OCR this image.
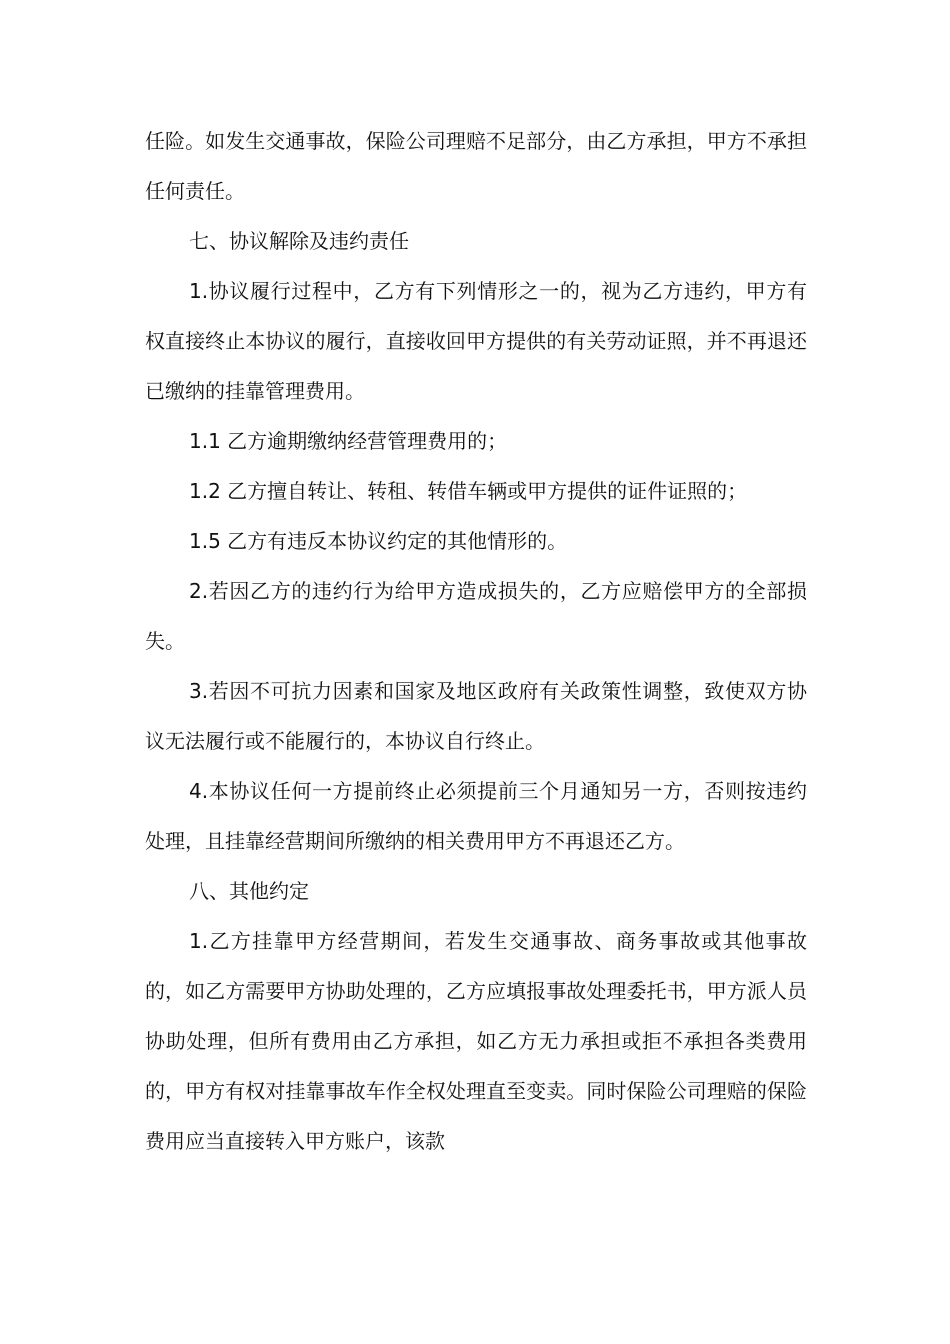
任险。如发生交通事故，保险公司理赔不足部分，由乙方承担，甲方不承担任何责任。

七、协议解除及违约责任

1.协议履行过程中，乙方有下列情形之一的，视为乙方违约，甲方有权直接终止本协议的履行，直接收回甲方提供的有关劳动证照，并不再退还已缴纳的挂靠管理费用。

1.1 乙方逾期缴纳经营管理费用的；

1.2 乙方擅自转让、转租、转借车辆或甲方提供的证件证照的；

1.5 乙方有违反本协议约定的其他情形的。

2.若因乙方的违约行为给甲方造成损失的，乙方应赔偿甲方的全部损失。

3.若因不可抗力因素和国家及地区政府有关政策性调整，致使双方协议无法履行或不能履行的，本协议自行终止。

4.本协议任何一方提前终止必须提前三个月通知另一方，否则按违约处理，且挂靠经营期间所缴纳的相关费用甲方不再退还乙方。

八、其他约定

1.乙方挂靠甲方经营期间，若发生交通事故、商务事故或其他事故的，如乙方需要甲方协助处理的，乙方应填报事故处理委托书，甲方派人员协助处理，但所有费用由乙方承担，如乙方无力承担或拒不承担各类费用的，甲方有权对挂靠事故车作全权处理直至变卖。同时保险公司理赔的保险费用应当直接转入甲方账户，该款
